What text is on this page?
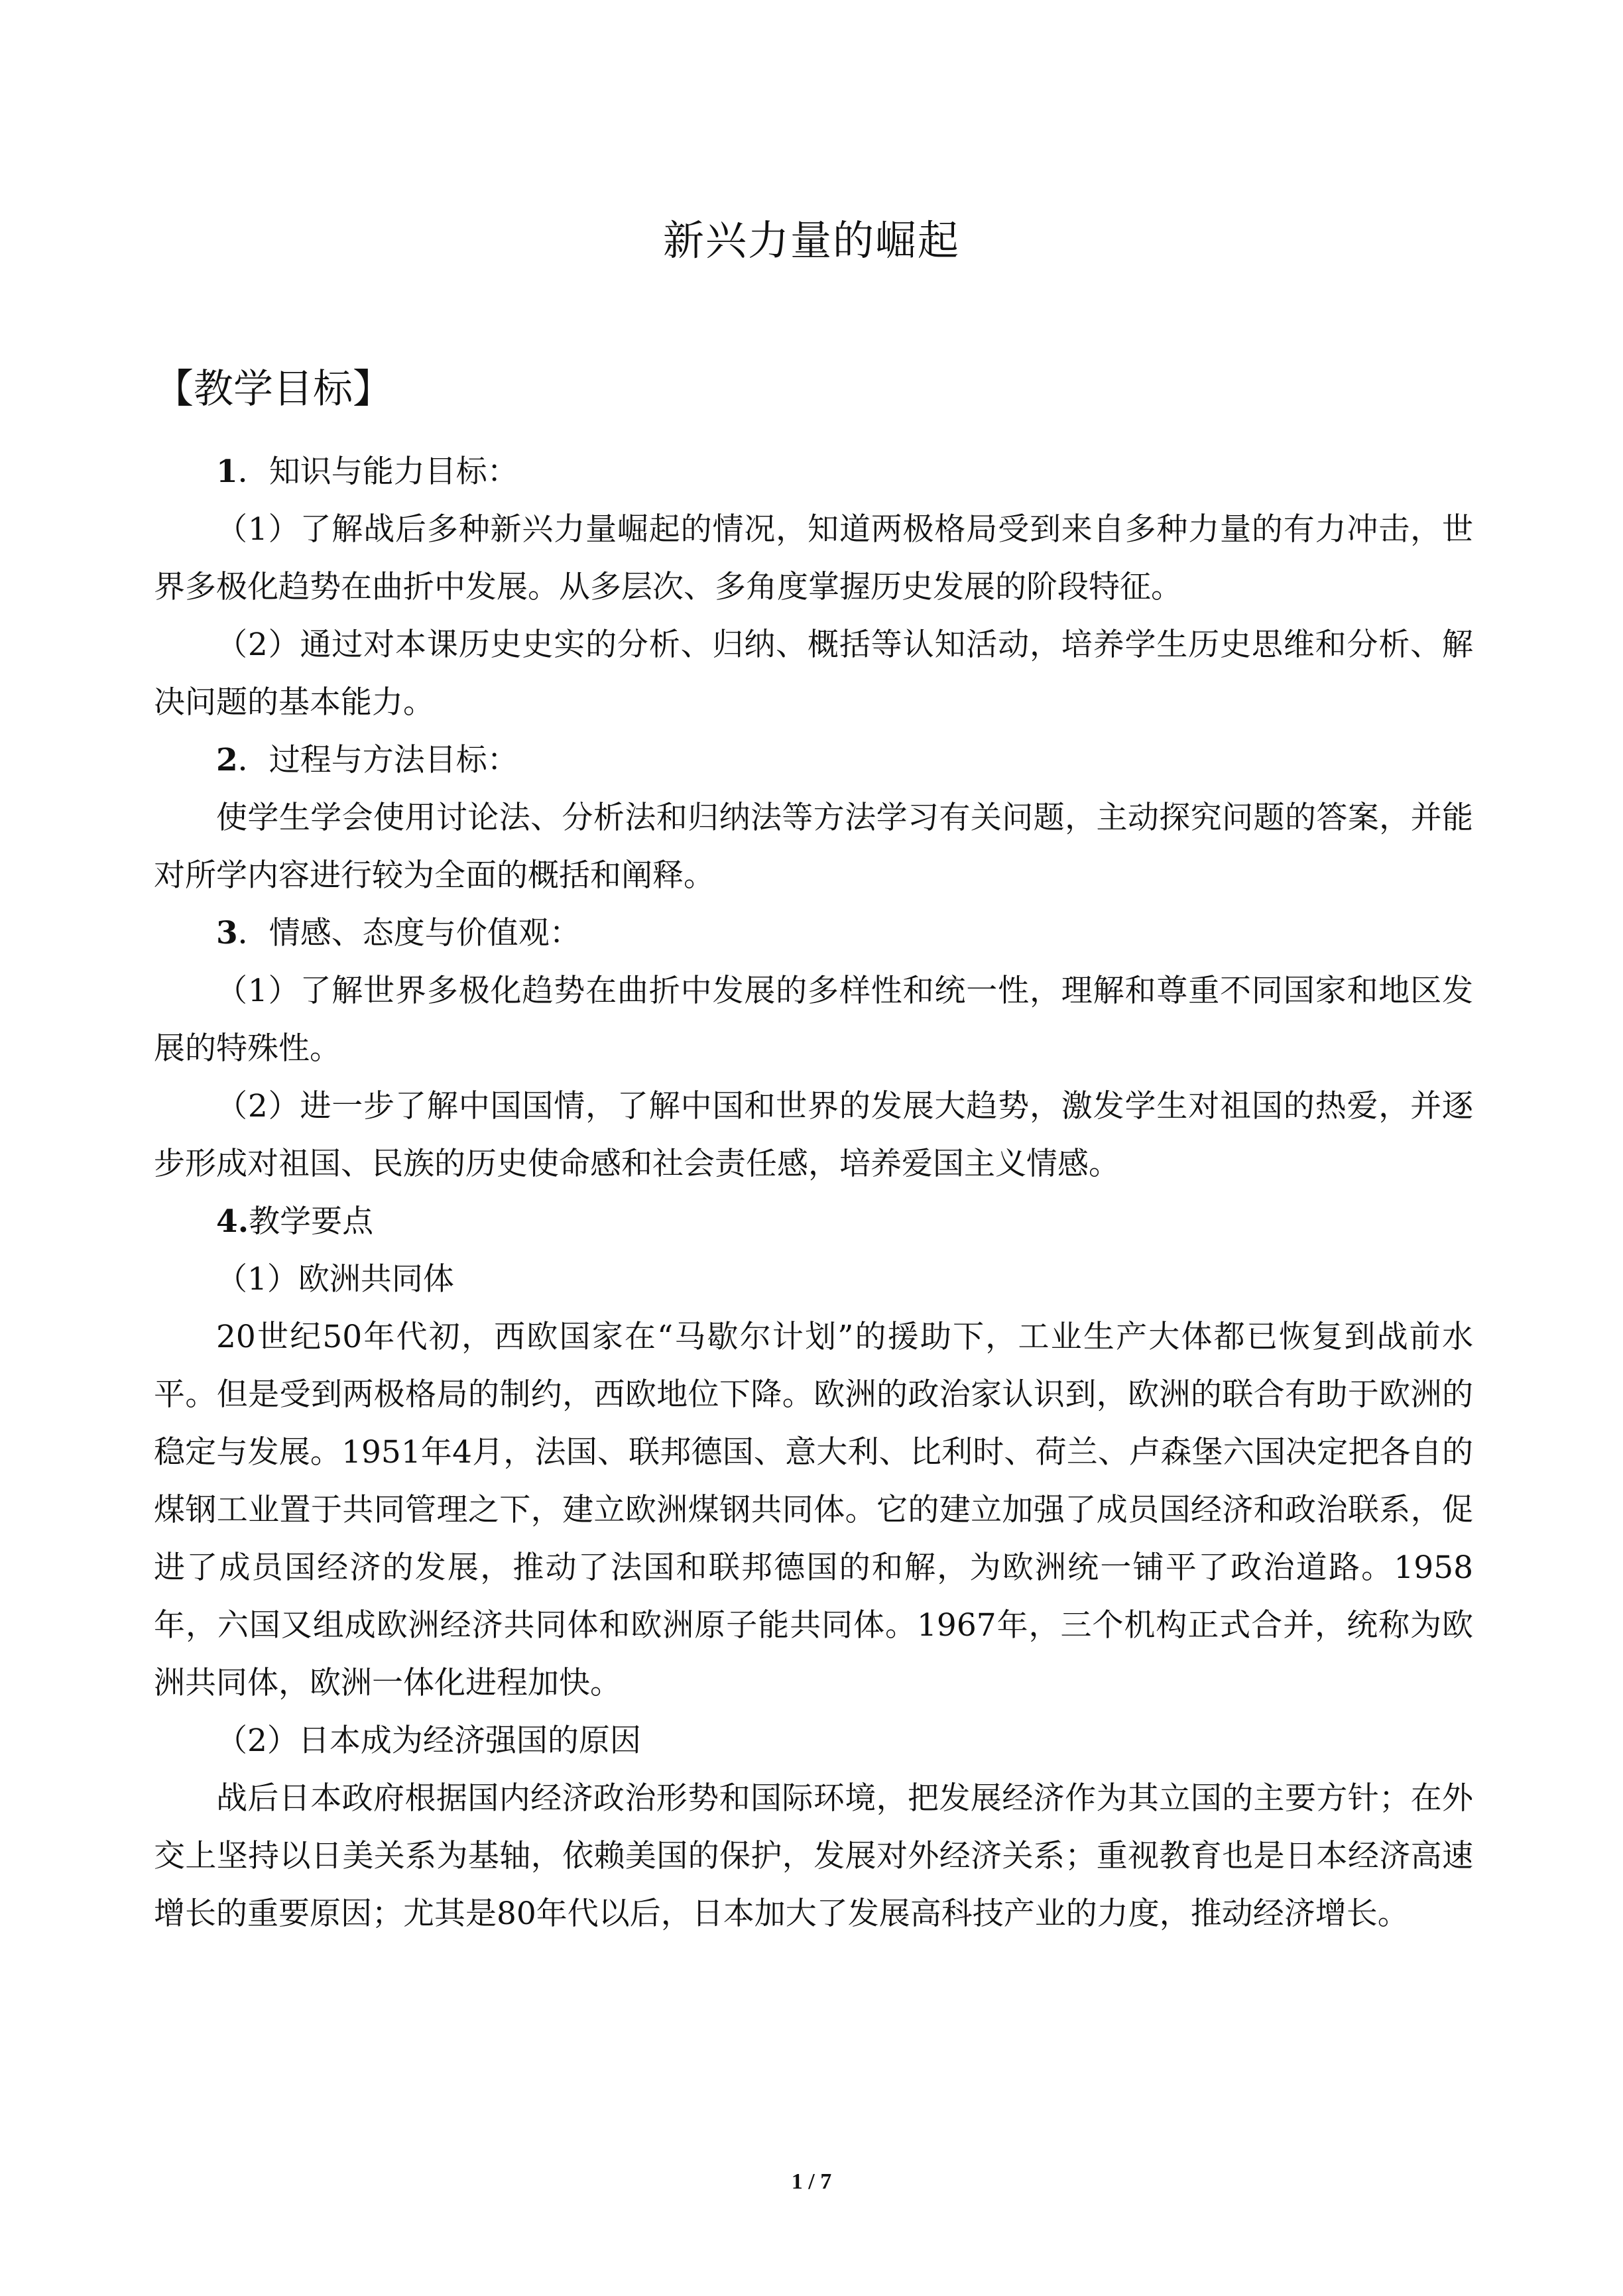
新兴力量的崛起
【教学目标】

1．知识与能力目标：

（1）了解战后多种新兴力量崛起的情况，知道两极格局受到来自多种力量的有力冲击，世界多极化趋势在曲折中发展。从多层次、多角度掌握历史发展的阶段特征。

（2）通过对本课历史史实的分析、归纳、概括等认知活动，培养学生历史思维和分析、解决问题的基本能力。

2．过程与方法目标：

使学生学会使用讨论法、分析法和归纳法等方法学习有关问题，主动探究问题的答案，并能对所学内容进行较为全面的概括和阐释。

3．情感、态度与价值观：

（1）了解世界多极化趋势在曲折中发展的多样性和统一性，理解和尊重不同国家和地区发展的特殊性。

（2）进一步了解中国国情，了解中国和世界的发展大趋势，激发学生对祖国的热爱，并逐步形成对祖国、民族的历史使命感和社会责任感，培养爱国主义情感。

4.教学要点

（1）欧洲共同体

20世纪50年代初，西欧国家在“马歇尔计划”的援助下，工业生产大体都已恢复到战前水平。但是受到两极格局的制约，西欧地位下降。欧洲的政治家认识到，欧洲的联合有助于欧洲的稳定与发展。1951年4月，法国、联邦德国、意大利、比利时、荷兰、卢森堡六国决定把各自的煤钢工业置于共同管理之下，建立欧洲煤钢共同体。它的建立加强了成员国经济和政治联系，促进了成员国经济的发展，推动了法国和联邦德国的和解，为欧洲统一铺平了政治道路。1958年，六国又组成欧洲经济共同体和欧洲原子能共同体。1967年，三个机构正式合并，统称为欧洲共同体，欧洲一体化进程加快。

（2）日本成为经济强国的原因

战后日本政府根据国内经济政治形势和国际环境，把发展经济作为其立国的主要方针；在外交上坚持以日美关系为基轴，依赖美国的保护，发展对外经济关系；重视教育也是日本经济高速增长的重要原因；尤其是80年代以后，日本加大了发展高科技产业的力度，推动经济增长。

1 / 7
